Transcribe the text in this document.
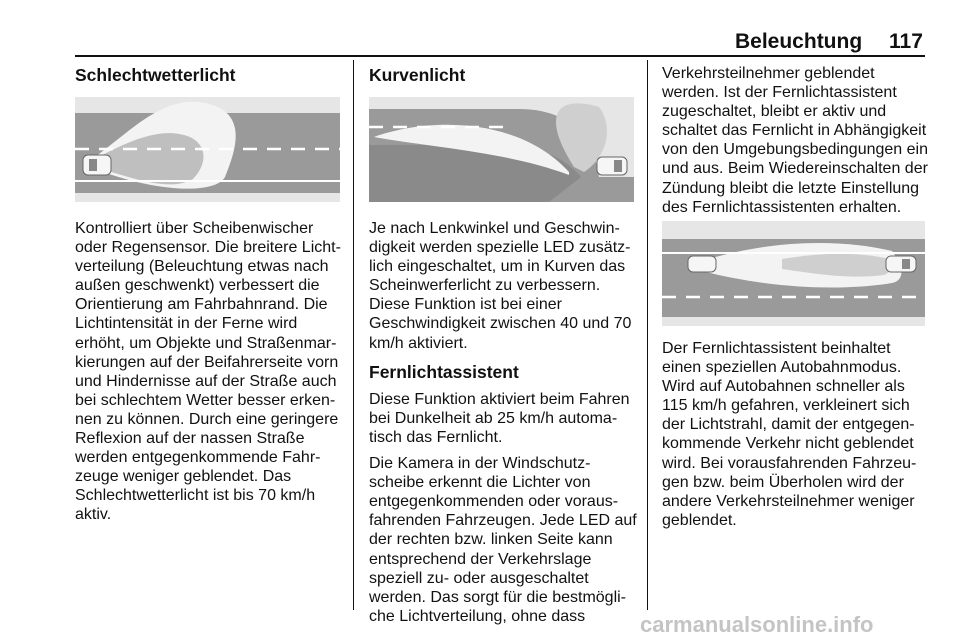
Beleuchtung 117

Schlechtwetterlicht

Kontrolliert über Scheibenwischer oder Regensensor. Die breitere Licht-verteilung (Beleuchtung etwas nach außen geschwenkt) verbessert die Orientierung am Fahrbahnrand. Die Lichtintensität in der Ferne wird erhöht, um Objekte und Straßenmar-kierungen auf der Beifahrerseite vorn und Hindernisse auf der Straße auch bei schlechtem Wetter besser erken-nen zu können. Durch eine geringere Reflexion auf der nassen Straße werden entgegenkommende Fahr-zeuge weniger geblendet. Das Schlechtwetterlicht ist bis 70 km/h aktiv.

Kurvenlicht

Je nach Lenkwinkel und Geschwin-digkeit werden spezielle LED zusätz-lich eingeschaltet, um in Kurven das Scheinwerferlicht zu verbessern. Diese Funktion ist bei einer Geschwindigkeit zwischen 40 und 70 km/h aktiviert.

Fernlichtassistent

Diese Funktion aktiviert beim Fahren bei Dunkelheit ab 25 km/h automa-tisch das Fernlicht.

Die Kamera in der Windschutz-scheibe erkennt die Lichter von entgegenkommenden oder voraus-fahrenden Fahrzeugen. Jede LED auf der rechten bzw. linken Seite kann entsprechend der Verkehrslage speziell zu- oder ausgeschaltet werden. Das sorgt für die bestmögli-che Lichtverteilung, ohne dass

Verkehrsteilnehmer geblendet werden. Ist der Fernlichtassistent zugeschaltet, bleibt er aktiv und schaltet das Fernlicht in Abhängigkeit von den Umgebungsbedingungen ein und aus. Beim Wiedereinschalten der Zündung bleibt die letzte Einstellung des Fernlichtassistenten erhalten.

Der Fernlichtassistent beinhaltet einen speziellen Autobahnmodus. Wird auf Autobahnen schneller als 115 km/h gefahren, verkleinert sich der Lichtstrahl, damit der entgegen-kommende Verkehr nicht geblendet wird. Bei vorausfahrenden Fahrzeu-gen bzw. beim Überholen wird der andere Verkehrsteilnehmer weniger geblendet.

carmanualsonline.info
